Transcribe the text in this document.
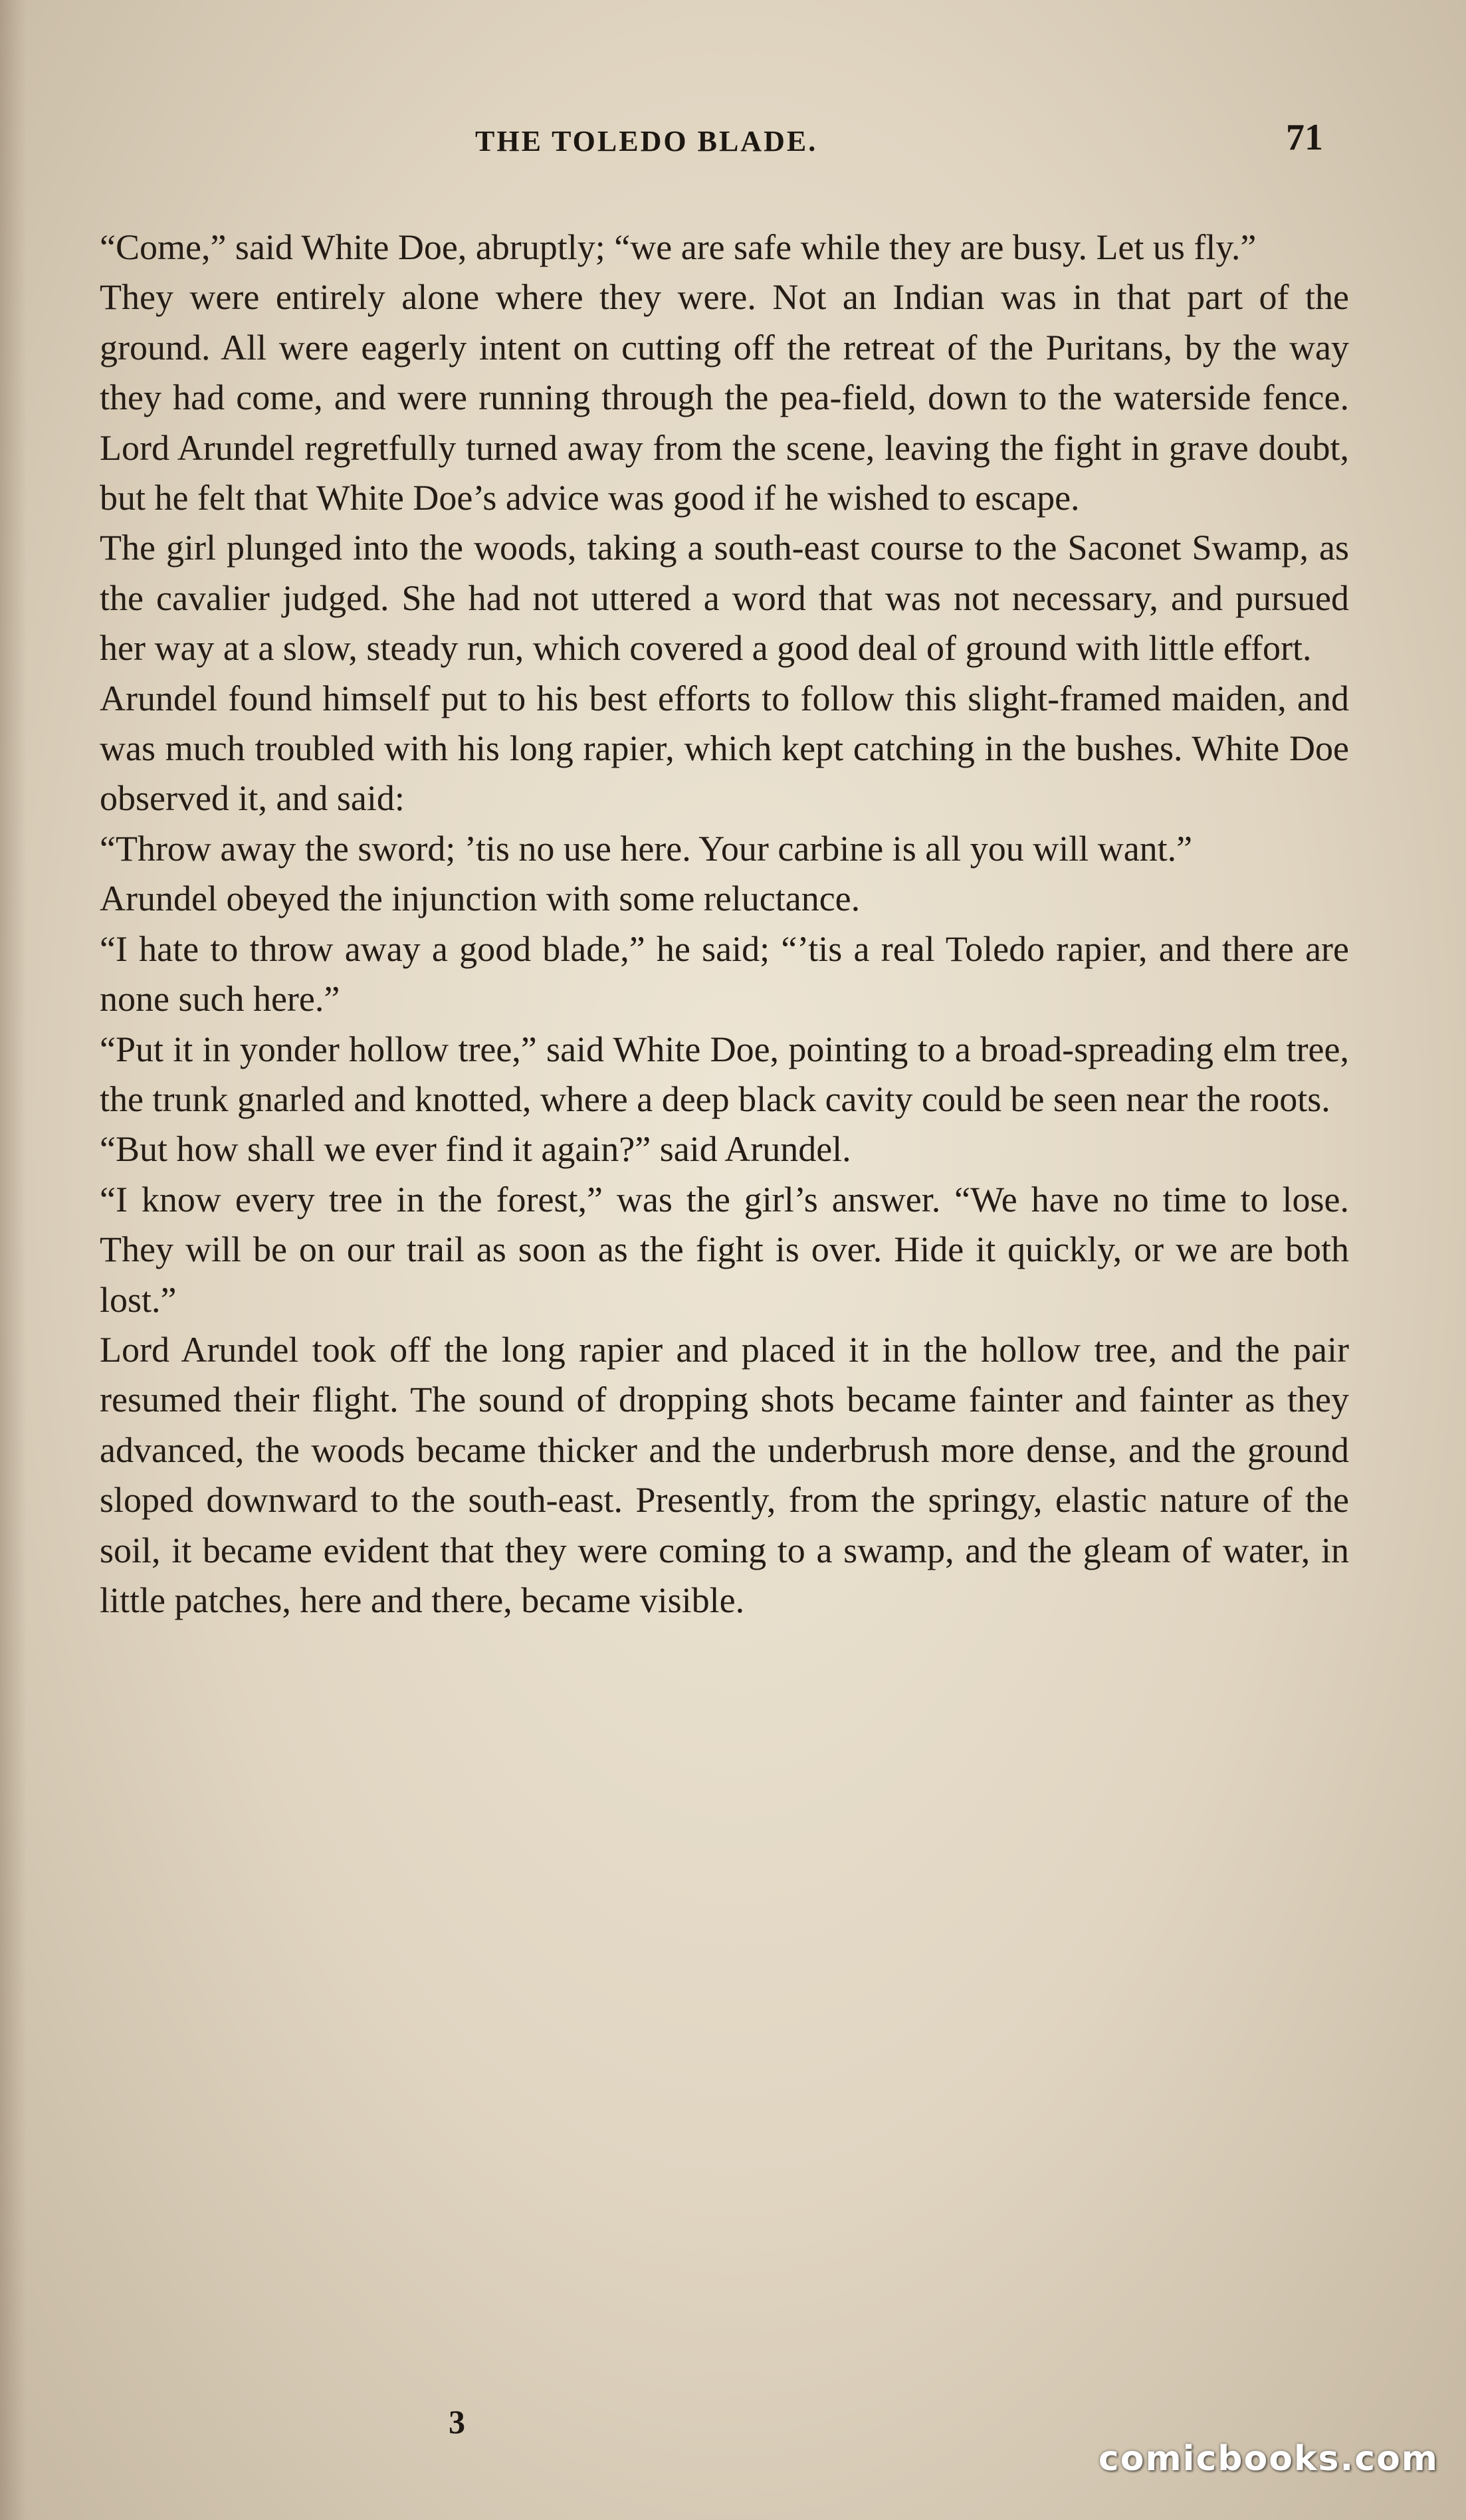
THE TOLEDO BLADE.	71

“Come,” said White Doe, abruptly; “we are safe while they are busy. Let us fly.”

They were entirely alone where they were. Not an Indian was in that part of the ground. All were eagerly intent on cutting off the retreat of the Puritans, by the way they had come, and were running through the pea-field, down to the waterside fence. Lord Arundel regretfully turned away from the scene, leaving the fight in grave doubt, but he felt that White Doe’s advice was good if he wished to escape.

The girl plunged into the woods, taking a south-east course to the Saconet Swamp, as the cavalier judged. She had not uttered a word that was not necessary, and pursued her way at a slow, steady run, which covered a good deal of ground with little effort.

Arundel found himself put to his best efforts to follow this slight-framed maiden, and was much troubled with his long rapier, which kept catching in the bushes. White Doe observed it, and said:

“Throw away the sword; ’tis no use here. Your carbine is all you will want.”

Arundel obeyed the injunction with some reluctance.

“I hate to throw away a good blade,” he said; “’tis a real Toledo rapier, and there are none such here.”

“Put it in yonder hollow tree,” said White Doe, pointing to a broad-spreading elm tree, the trunk gnarled and knotted, where a deep black cavity could be seen near the roots.

“But how shall we ever find it again?” said Arundel.

“I know every tree in the forest,” was the girl’s answer. “We have no time to lose. They will be on our trail as soon as the fight is over. Hide it quickly, or we are both lost.”

Lord Arundel took off the long rapier and placed it in the hollow tree, and the pair resumed their flight. The sound of dropping shots became fainter and fainter as they advanced, the woods became thicker and the underbrush more dense, and the ground sloped downward to the south-east. Presently, from the springy, elastic nature of the soil, it became evident that they were coming to a swamp, and the gleam of water, in little patches, here and there, became visible.

3
comicbooks.com
